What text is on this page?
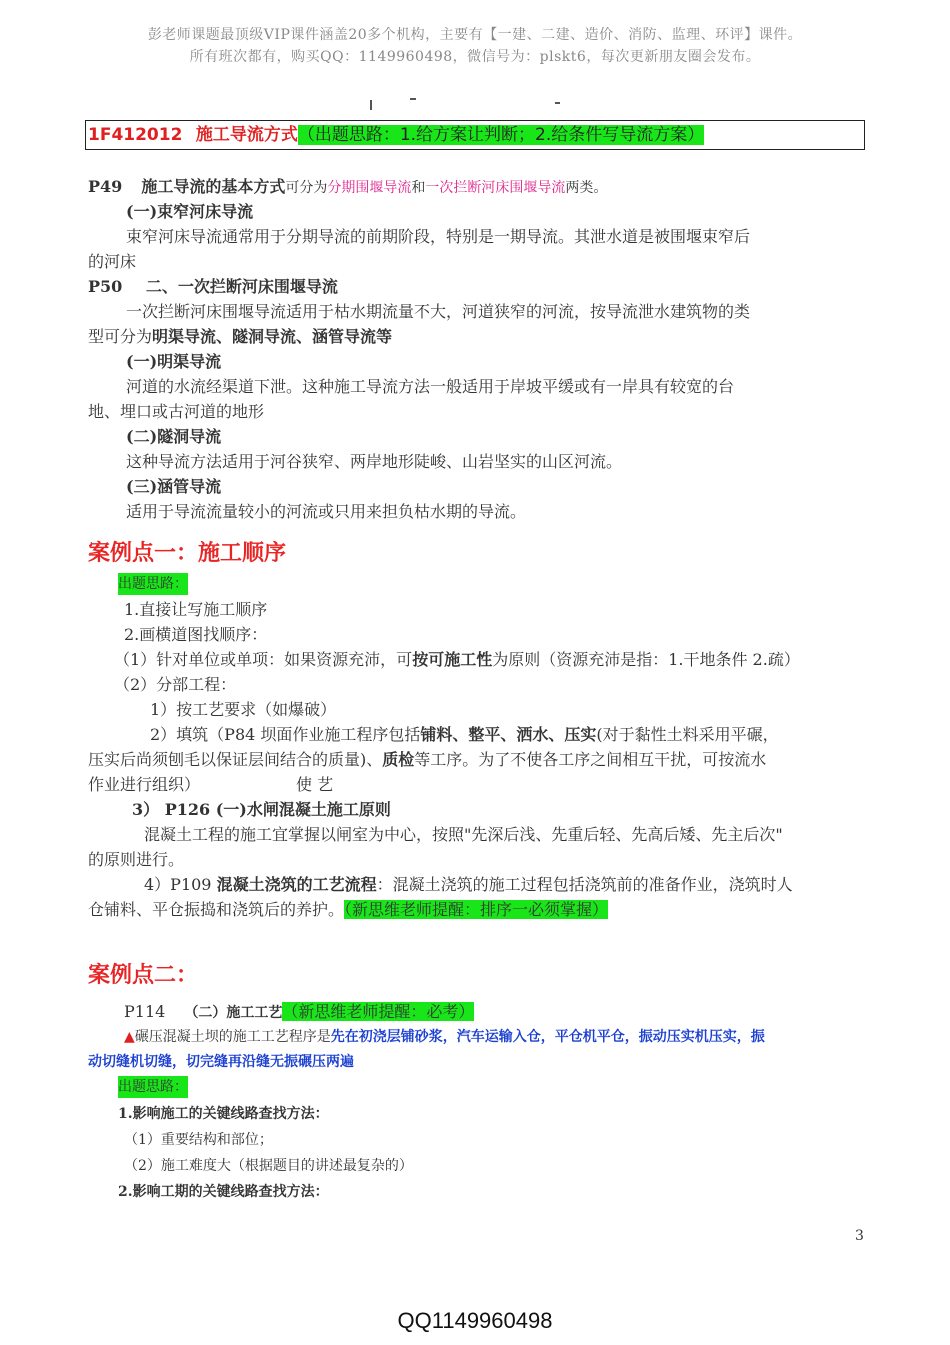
彭老师课题最顶级VIP课件涵盖20多个机构，主要有【一建、二建、造价、消防、监理、环评】课件。
所有班次都有，购买QQ：1149960498，微信号为：plskt6，每次更新朋友圈会发布。
1F412012 施工导流方式（出题思路：1.给方案让判断；2.给条件写导流方案）
P49 施工导流的基本方式可分为分期围堰导流和一次拦断河床围堰导流两类。
(一)束窄河床导流
束窄河床导流通常用于分期导流的前期阶段，特别是一期导流。其泄水道是被围堰束窄后
的河床
P50 二、一次拦断河床围堰导流
一次拦断河床围堰导流适用于枯水期流量不大，河道狭窄的河流，按导流泄水建筑物的类
型可分为明渠导流、隧洞导流、涵管导流等
(一)明渠导流
河道的水流经渠道下泄。这种施工导流方法一般适用于岸坡平缓或有一岸具有较宽的台
地、埋口或古河道的地形
(二)隧洞导流
这种导流方法适用于河谷狭窄、两岸地形陡峻、山岩坚实的山区河流。
(三)涵管导流
适用于导流流量较小的河流或只用来担负枯水期的导流。
案例点一：施工顺序
出题思路：
1.直接让写施工顺序
2.画横道图找顺序：
（1）针对单位或单项：如果资源充沛，可按可施工性为原则（资源充沛是指：1.干地条件 2.疏）
（2）分部工程：
1）按工艺要求（如爆破）
2）填筑（P84 坝面作业施工程序包括铺料、整平、洒水、压实(对于黏性土料采用平碾，
压实后尚须刨毛以保证层间结合的质量)、质检等工序。为了不使各工序之间相互干扰，可按流水
作业进行组织）	使 艺
3） P126 (一)水闸混凝土施工原则
混凝土工程的施工宜掌握以闸室为中心，按照"先深后浅、先重后轻、先高后矮、先主后次"
的原则进行。
4）P109 混凝土浇筑的工艺流程：混凝土浇筑的施工过程包括浇筑前的准备作业，浇筑时人
仓铺料、平仓振捣和浇筑后的养护。（新思维老师提醒：排序一必须掌握）
案例点二：
P114 （二）施工工艺（新思维老师提醒：必考）
▲碾压混凝土坝的施工工艺程序是先在初浇层铺砂浆，汽车运输入仓，平仓机平仓，振动压实机压实，振
动切缝机切缝，切完缝再沿缝无振碾压两遍
出题思路：
1.影响施工的关键线路查找方法：
（1）重要结构和部位；
（2）施工难度大（根据题目的讲述最复杂的）
2.影响工期的关键线路查找方法：
3
QQ1149960498
